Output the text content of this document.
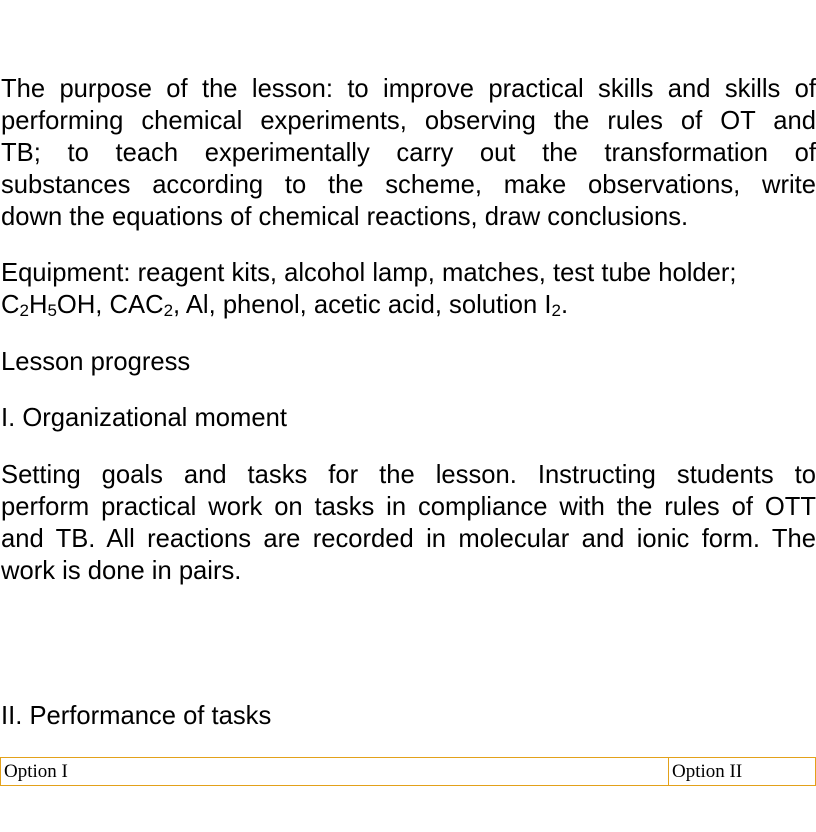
The purpose of the lesson: to improve practical skills and skills of
performing chemical experiments, observing the rules of OT and
TB; to teach experimentally carry out the transformation of
substances according to the scheme, make observations, write
down the equations of chemical reactions, draw conclusions.
Equipment: reagent kits, alcohol lamp, matches, test tube holder;
C2H5OH, CAC2, Al, phenol, acetic acid, solution I2.
Lesson progress
I. Organizational moment
Setting goals and tasks for the lesson. Instructing students to
perform practical work on tasks in compliance with the rules of OTT
and TB. All reactions are recorded in molecular and ionic form. The
work is done in pairs.
II. Performance of tasks
Option I	Option II
